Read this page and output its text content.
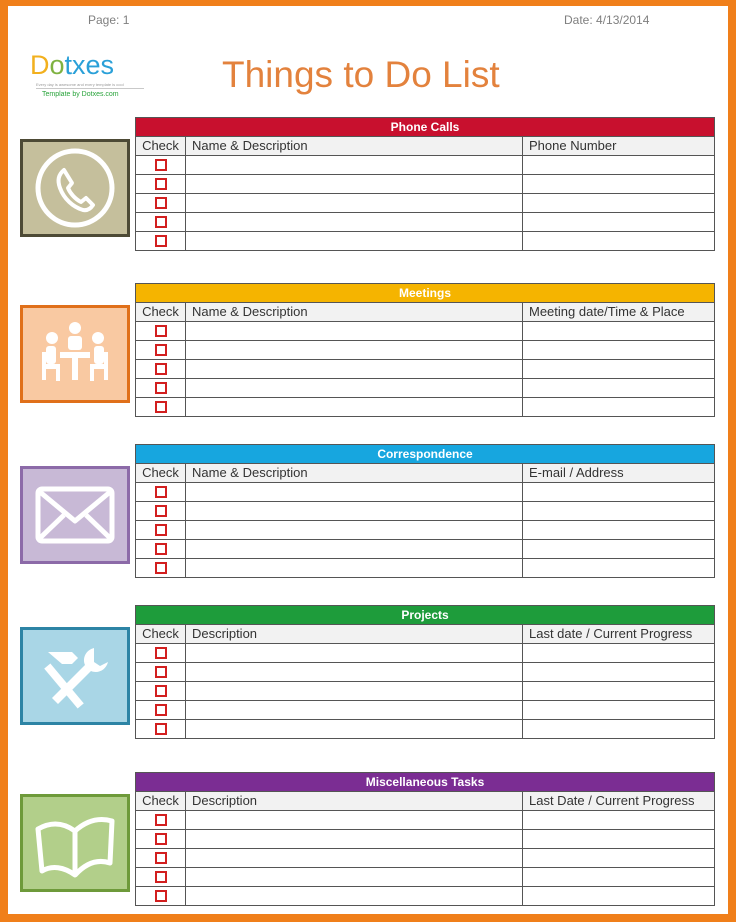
Page: 1	Date: 4/13/2014
Dotxes
Every day is awesome and every template is cool
Template by Dotxes.com	Things to Do List
Phone Calls
Check	Name & Description	Phone Number
Meetings
Check	Name & Description	Meeting date/Time & Place
Correspondence
Check	Name & Description	E-mail / Address
Projects
Check	Description	Last date / Current Progress
Miscellaneous Tasks
Check	Description	Last Date / Current Progress
